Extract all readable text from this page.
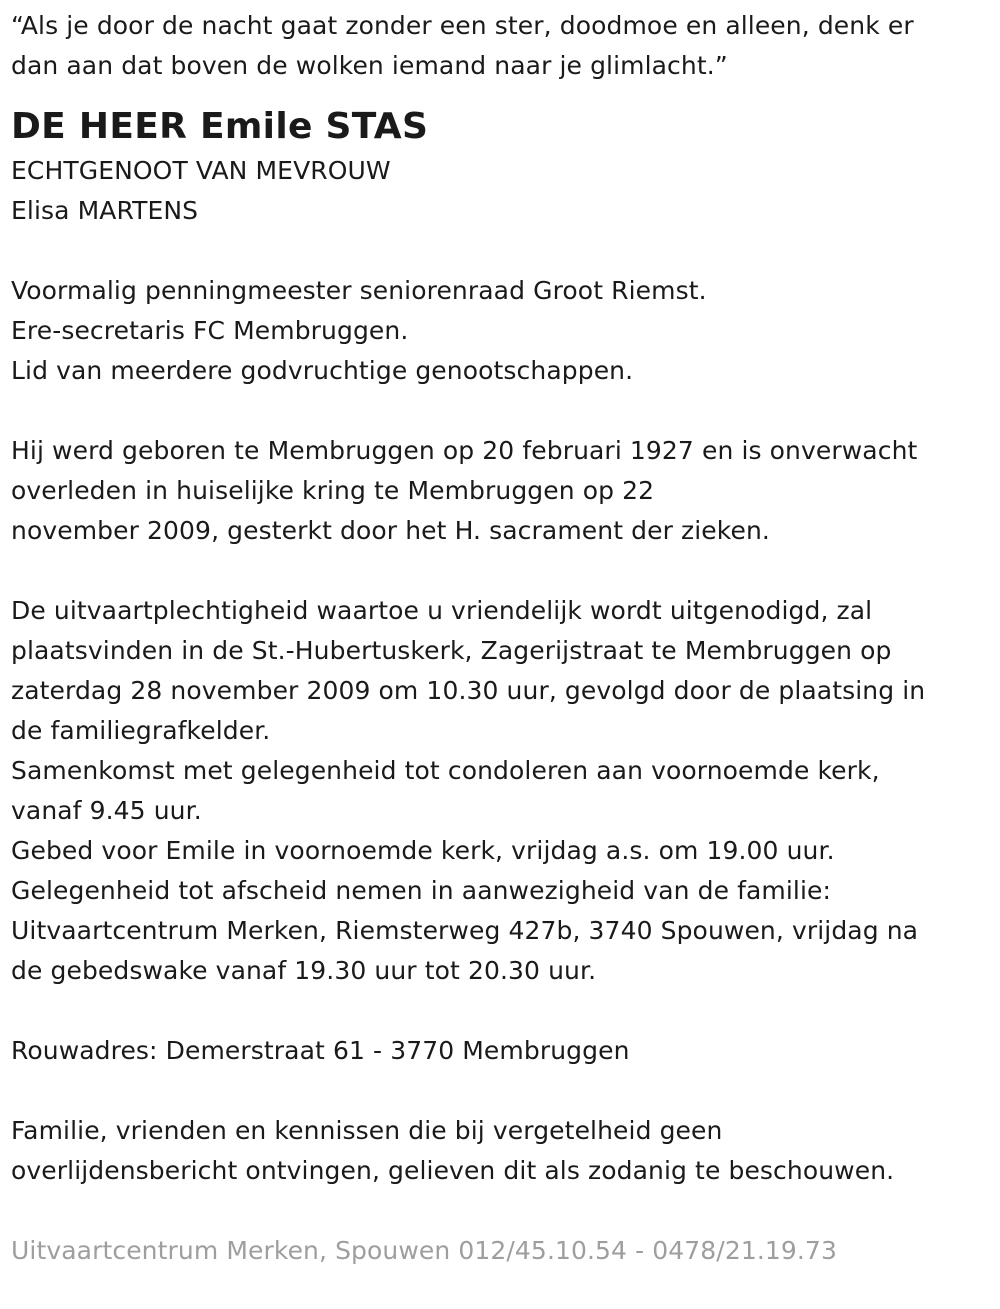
“Als je door de nacht gaat zonder een ster, doodmoe en alleen, denk er
dan aan dat boven de wolken iemand naar je glimlacht.”
DE HEER Emile STAS
ECHTGENOOT VAN MEVROUW
Elisa MARTENS
Voormalig penningmeester seniorenraad Groot Riemst.
Ere-secretaris FC Membruggen.
Lid van meerdere godvruchtige genootschappen.
Hij werd geboren te Membruggen op 20 februari 1927 en is onverwacht
overleden in huiselijke kring te Membruggen op 22
november 2009, gesterkt door het H. sacrament der zieken.
De uitvaartplechtigheid waartoe u vriendelijk wordt uitgenodigd, zal
plaatsvinden in de St.-Hubertuskerk, Zagerijstraat te Membruggen op
zaterdag 28 november 2009 om 10.30 uur, gevolgd door de plaatsing in
de familiegrafkelder.
Samenkomst met gelegenheid tot condoleren aan voornoemde kerk,
vanaf 9.45 uur.
Gebed voor Emile in voornoemde kerk, vrijdag a.s. om 19.00 uur.
Gelegenheid tot afscheid nemen in aanwezigheid van de familie:
Uitvaartcentrum Merken, Riemsterweg 427b, 3740 Spouwen, vrijdag na
de gebedswake vanaf 19.30 uur tot 20.30 uur.
Rouwadres: Demerstraat 61 - 3770 Membruggen
Familie, vrienden en kennissen die bij vergetelheid geen
overlijdensbericht ontvingen, gelieven dit als zodanig te beschouwen.
Uitvaartcentrum Merken, Spouwen 012/45.10.54 - 0478/21.19.73
